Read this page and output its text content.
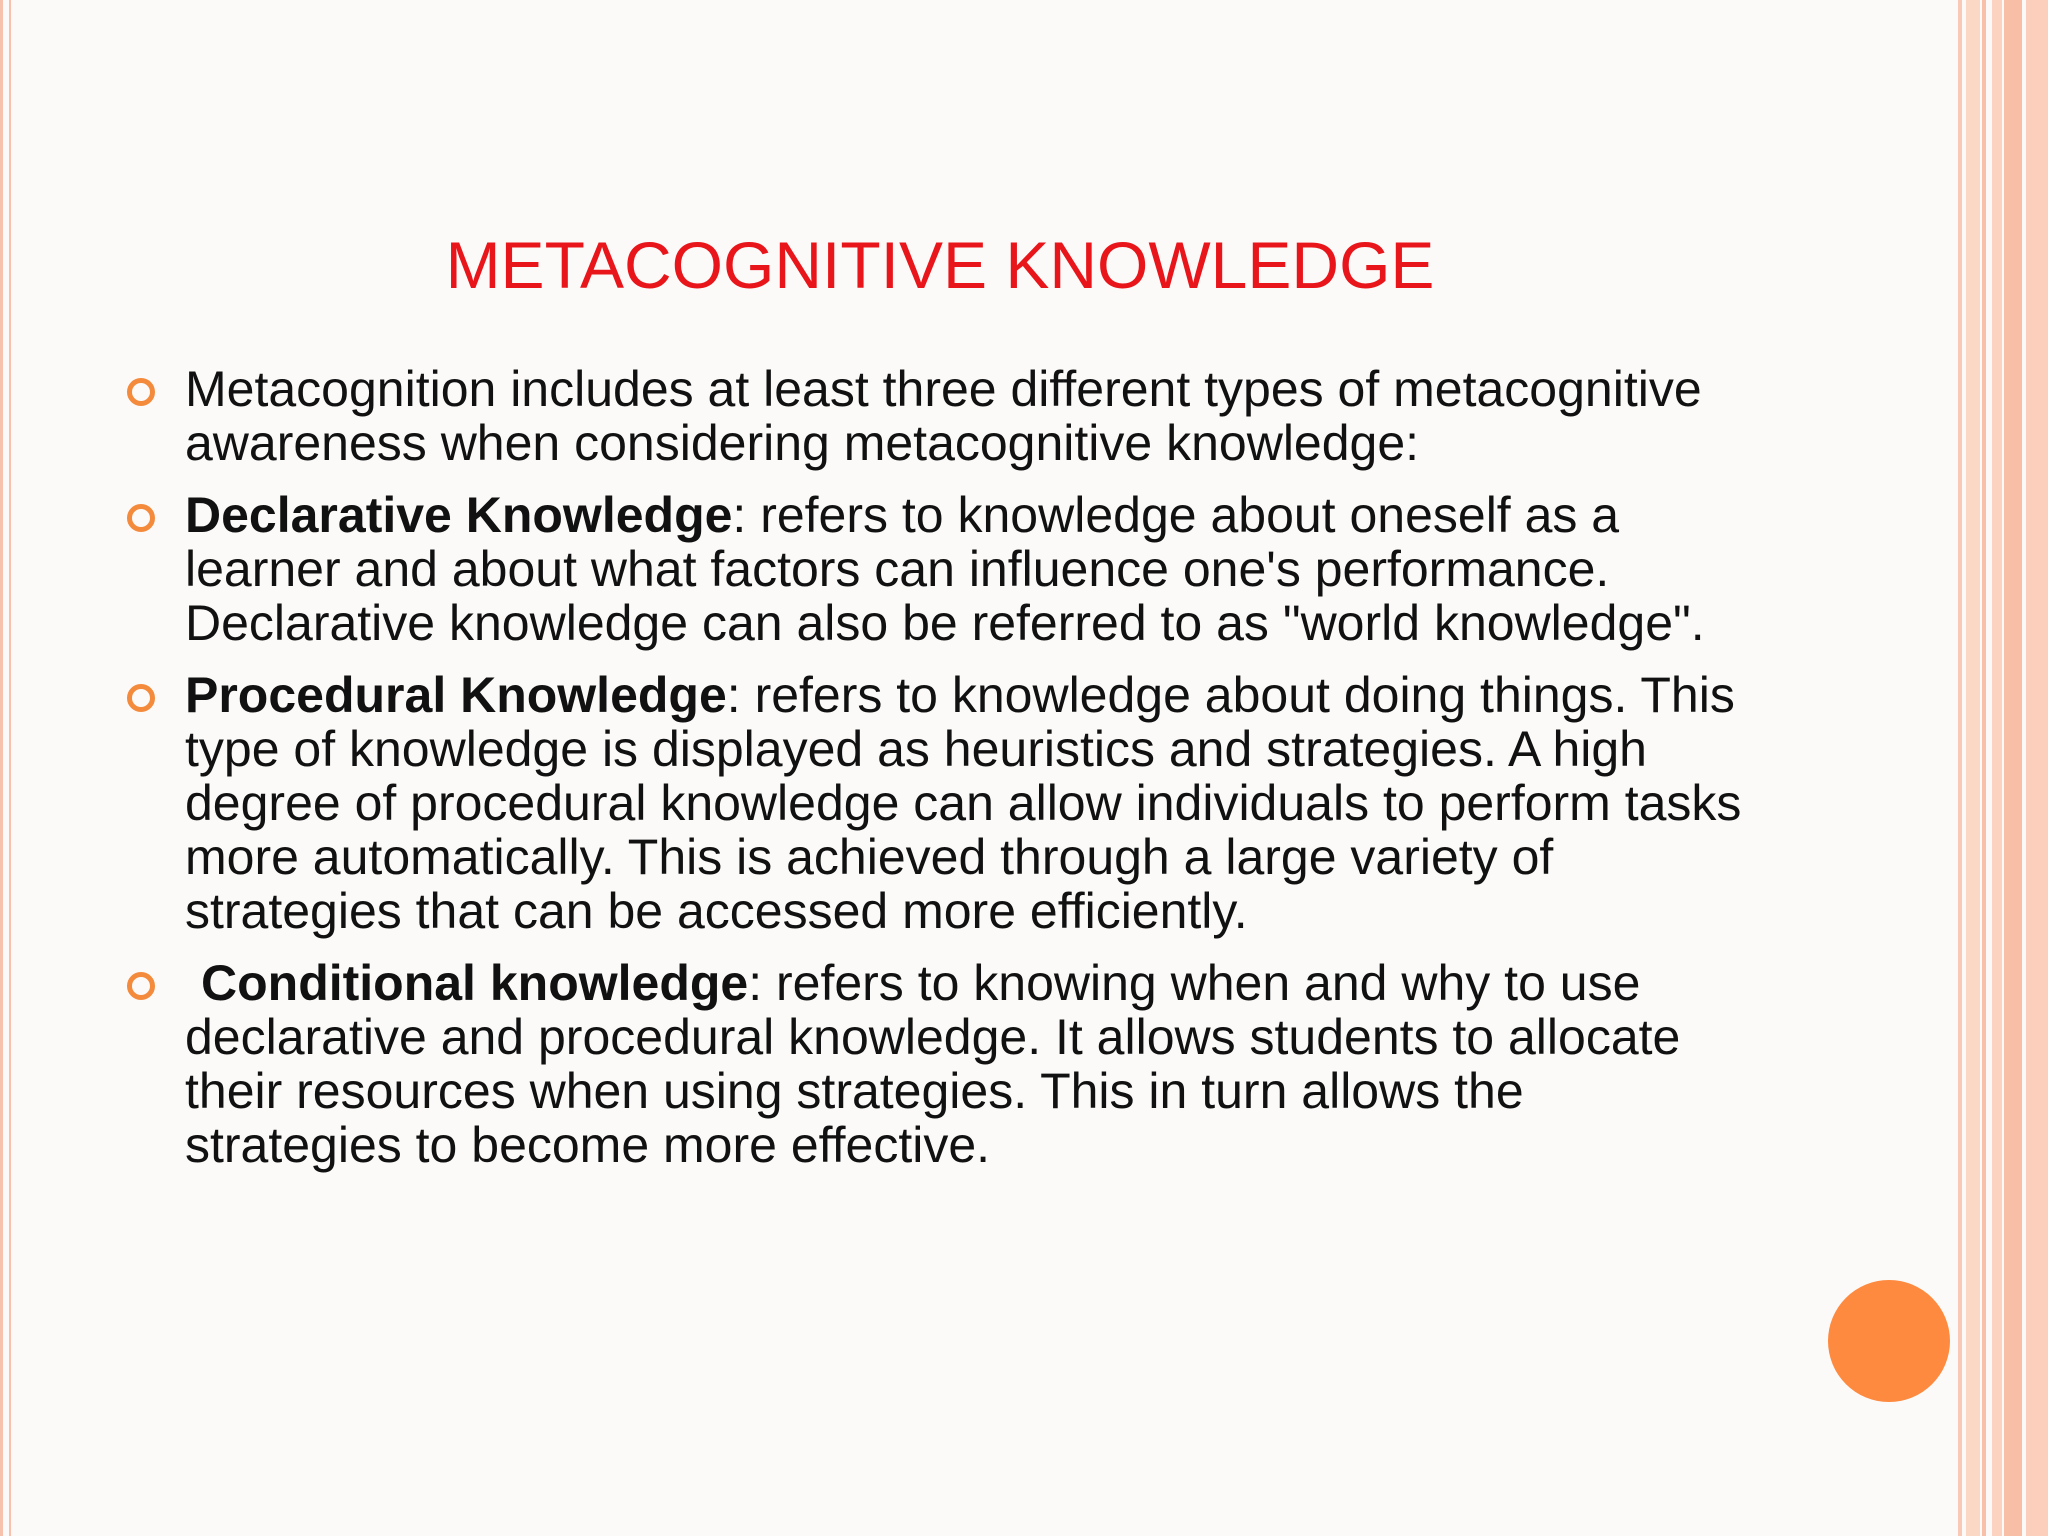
METACOGNITIVE KNOWLEDGE
Metacognition includes at least three different types of metacognitive awareness when considering metacognitive knowledge:
Declarative Knowledge: refers to knowledge about oneself as a learner and about what factors can influence one's performance. Declarative knowledge can also be referred to as "world knowledge".
Procedural Knowledge: refers to knowledge about doing things. This type of knowledge is displayed as heuristics and strategies. A high degree of procedural knowledge can allow individuals to perform tasks more automatically. This is achieved through a large variety of strategies that can be accessed more efficiently.
Conditional knowledge: refers to knowing when and why to use declarative and procedural knowledge. It allows students to allocate their resources when using strategies. This in turn allows the strategies to become more effective.
